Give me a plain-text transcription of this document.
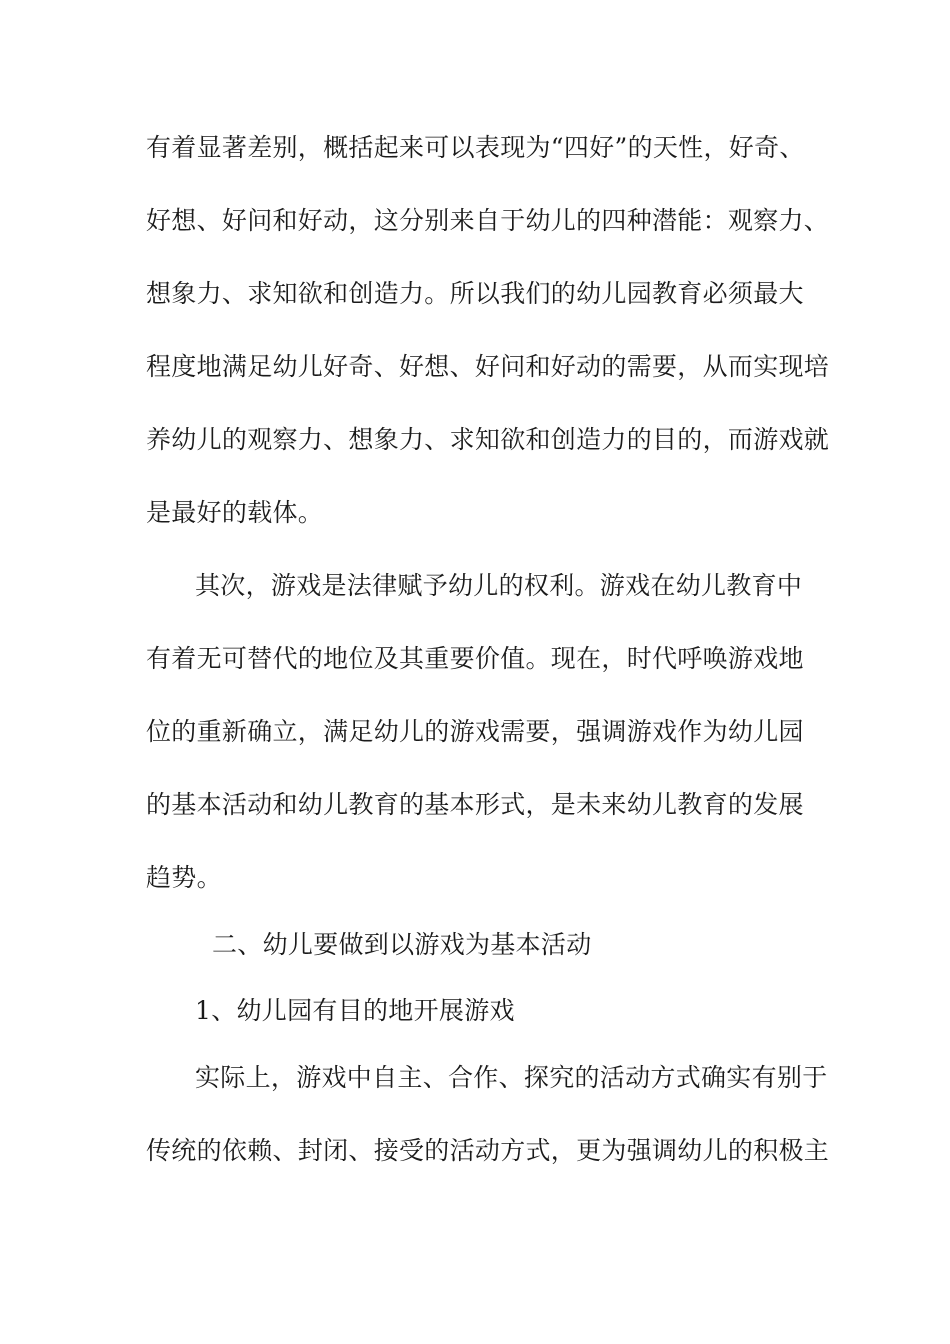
有着显著差别，概括起来可以表现为“四好”的天性，好奇、
好想、好问和好动，这分别来自于幼儿的四种潜能：观察力、
想象力、求知欲和创造力。所以我们的幼儿园教育必须最大
程度地满足幼儿好奇、好想、好问和好动的需要，从而实现培
养幼儿的观察力、想象力、求知欲和创造力的目的，而游戏就
是最好的载体。
其次，游戏是法律赋予幼儿的权利。游戏在幼儿教育中
有着无可替代的地位及其重要价值。现在，时代呼唤游戏地
位的重新确立，满足幼儿的游戏需要，强调游戏作为幼儿园
的基本活动和幼儿教育的基本形式，是未来幼儿教育的发展
趋势。
二、幼儿要做到以游戏为基本活动
1、幼儿园有目的地开展游戏
实际上，游戏中自主、合作、探究的活动方式确实有别于
传统的依赖、封闭、接受的活动方式，更为强调幼儿的积极主
